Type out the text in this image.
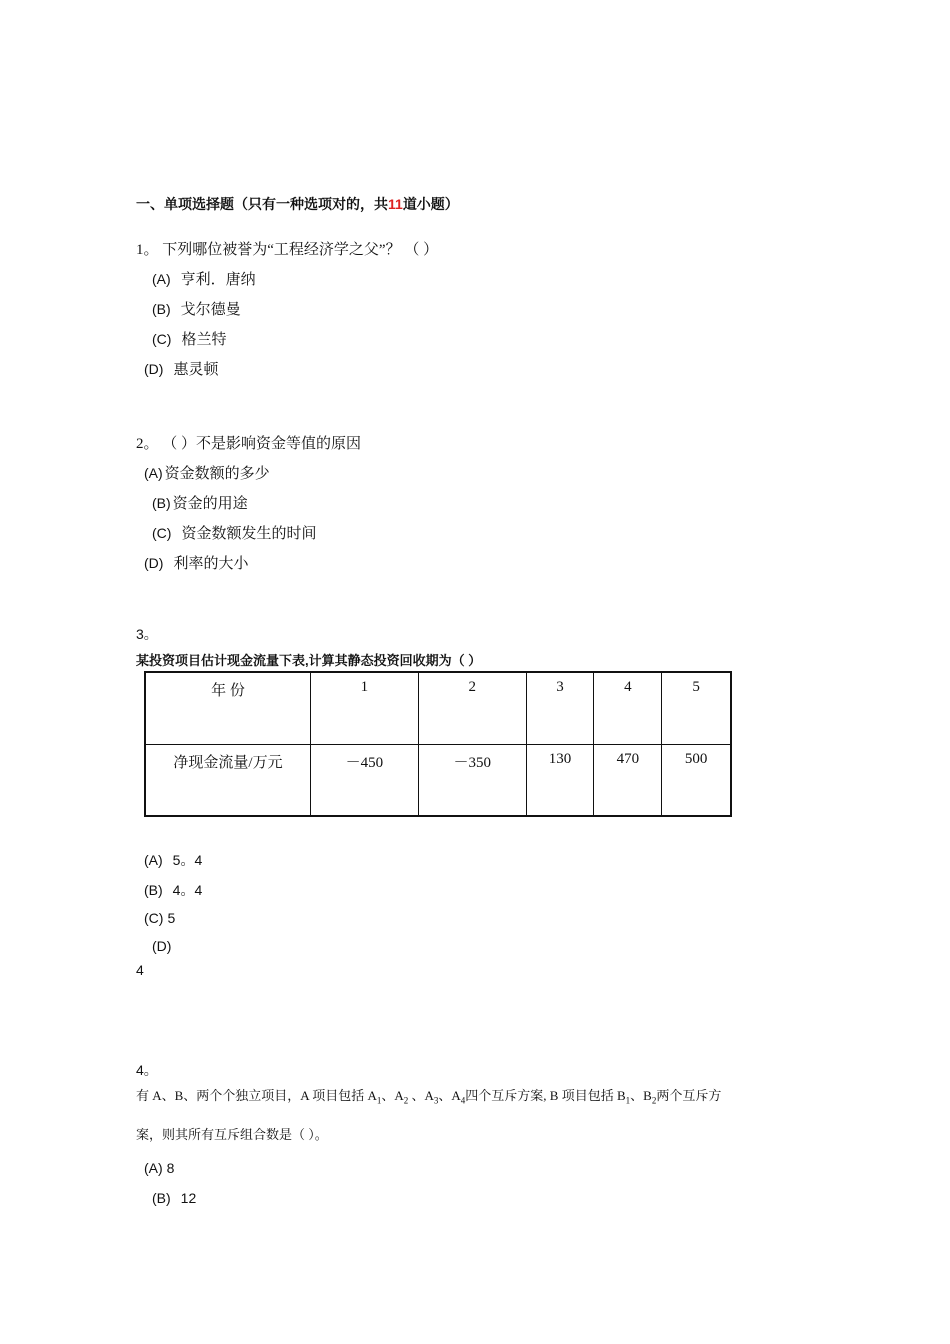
一、单项选择题（只有一种选项对的，共11道小题）
1。 下列哪位被誉为“工程经济学之父”？ （ ）
(A) 亨利．唐纳
(B) 戈尔德曼
(C) 格兰特
(D) 惠灵顿
2。 （ ）不是影响资金等值的原因
(A) 资金数额的多少
(B) 资金的用途
(C) 资金数额发生的时间
(D) 利率的大小
3。
某投资项目估计现金流量下表,计算其静态投资回收期为（ ）
年 份	1	2	3	4	5
净现金流量/万元	－450	－350	130	470	500
(A) 5。4
(B) 4。4
(C) 5
(D)
4
4。
有 A、B、两个个独立项目，A 项目包括 $A_1$、$A_2$ 、$A_3$、$A_4$四个互斥方案, B 项目包括 $B_1$、$B_2$两个互斥方
案，则其所有互斥组合数是（ ）。
(A) 8
(B) 12
